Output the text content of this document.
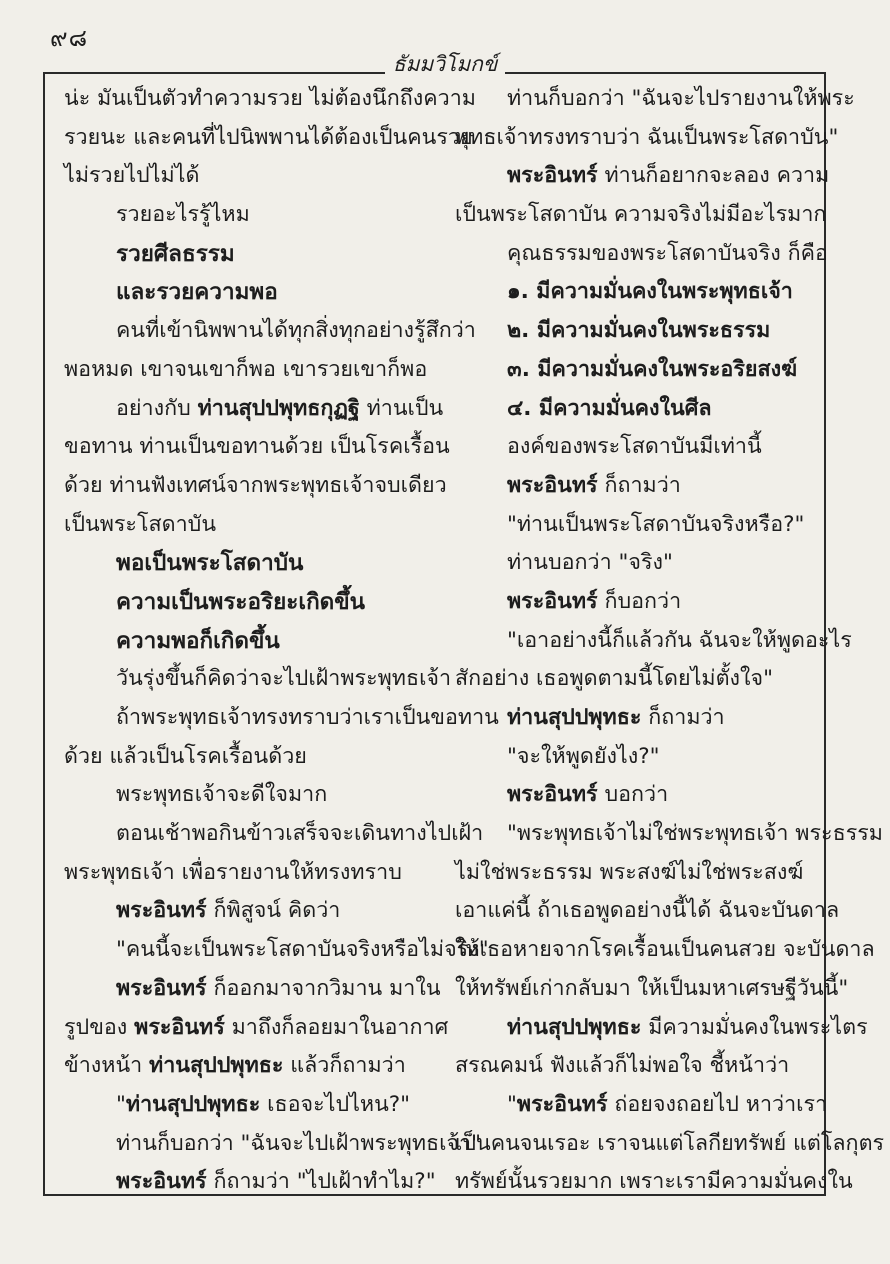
๙๘
ธัมมวิโมกข์
น่ะ มันเป็นตัวทำความรวย ไม่ต้องนึกถึงความ
รวยนะ และคนที่ไปนิพพานได้ต้องเป็นคนรวย
ไม่รวยไปไม่ได้
รวยอะไรรู้ไหม
รวยศีลธรรม
และรวยความพอ
คนที่เข้านิพพานได้ทุกสิ่งทุกอย่างรู้สึกว่า
พอหมด เขาจนเขาก็พอ เขารวยเขาก็พอ
อย่างกับ ท่านสุปปพุทธกุฏฐิ ท่านเป็น
ขอทาน ท่านเป็นขอทานด้วย เป็นโรคเรื้อน
ด้วย ท่านฟังเทศน์จากพระพุทธเจ้าจบเดียว
เป็นพระโสดาบัน
พอเป็นพระโสดาบัน
ความเป็นพระอริยะเกิดขึ้น
ความพอก็เกิดขึ้น
วันรุ่งขึ้นก็คิดว่าจะไปเฝ้าพระพุทธเจ้า
ถ้าพระพุทธเจ้าทรงทราบว่าเราเป็นขอทาน
ด้วย แล้วเป็นโรคเรื้อนด้วย
พระพุทธเจ้าจะดีใจมาก
ตอนเช้าพอกินข้าวเสร็จจะเดินทางไปเฝ้า
พระพุทธเจ้า เพื่อรายงานให้ทรงทราบ
พระอินทร์ ก็พิสูจน์ คิดว่า
"คนนี้จะเป็นพระโสดาบันจริงหรือไม่จริง"
พระอินทร์ ก็ออกมาจากวิมาน มาใน
รูปของ พระอินทร์ มาถึงก็ลอยมาในอากาศ
ข้างหน้า ท่านสุปปพุทธะ แล้วก็ถามว่า
"ท่านสุปปพุทธะ เธอจะไปไหน?"
ท่านก็บอกว่า "ฉันจะไปเฝ้าพระพุทธเจ้า"
พระอินทร์ ก็ถามว่า "ไปเฝ้าทำไม?"
ท่านก็บอกว่า "ฉันจะไปรายงานให้พระ
พุทธเจ้าทรงทราบว่า ฉันเป็นพระโสดาบัน"
พระอินทร์ ท่านก็อยากจะลอง ความ
เป็นพระโสดาบัน ความจริงไม่มีอะไรมาก
คุณธรรมของพระโสดาบันจริง ก็คือ
๑. มีความมั่นคงในพระพุทธเจ้า
๒. มีความมั่นคงในพระธรรม
๓. มีความมั่นคงในพระอริยสงฆ์
๔. มีความมั่นคงในศีล
องค์ของพระโสดาบันมีเท่านี้
พระอินทร์ ก็ถามว่า
"ท่านเป็นพระโสดาบันจริงหรือ?"
ท่านบอกว่า "จริง"
พระอินทร์ ก็บอกว่า
"เอาอย่างนี้ก็แล้วกัน ฉันจะให้พูดอะไร
สักอย่าง เธอพูดตามนี้โดยไม่ตั้งใจ"
ท่านสุปปพุทธะ ก็ถามว่า
"จะให้พูดยังไง?"
พระอินทร์ บอกว่า
"พระพุทธเจ้าไม่ใช่พระพุทธเจ้า พระธรรม
ไม่ใช่พระธรรม พระสงฆ์ไม่ใช่พระสงฆ์
เอาแค่นี้ ถ้าเธอพูดอย่างนี้ได้ ฉันจะบันดาล
ให้เธอหายจากโรคเรื้อนเป็นคนสวย จะบันดาล
ให้ทรัพย์เก่ากลับมา ให้เป็นมหาเศรษฐีวันนี้"
ท่านสุปปพุทธะ มีความมั่นคงในพระไตร
สรณคมน์ ฟังแล้วก็ไม่พอใจ ชี้หน้าว่า
"พระอินทร์ ถ่อยจงถอยไป หาว่าเรา
เป็นคนจนเรอะ เราจนแต่โลกียทรัพย์ แต่โลกุตร
ทรัพย์นั้นรวยมาก เพราะเรามีความมั่นคงใน
